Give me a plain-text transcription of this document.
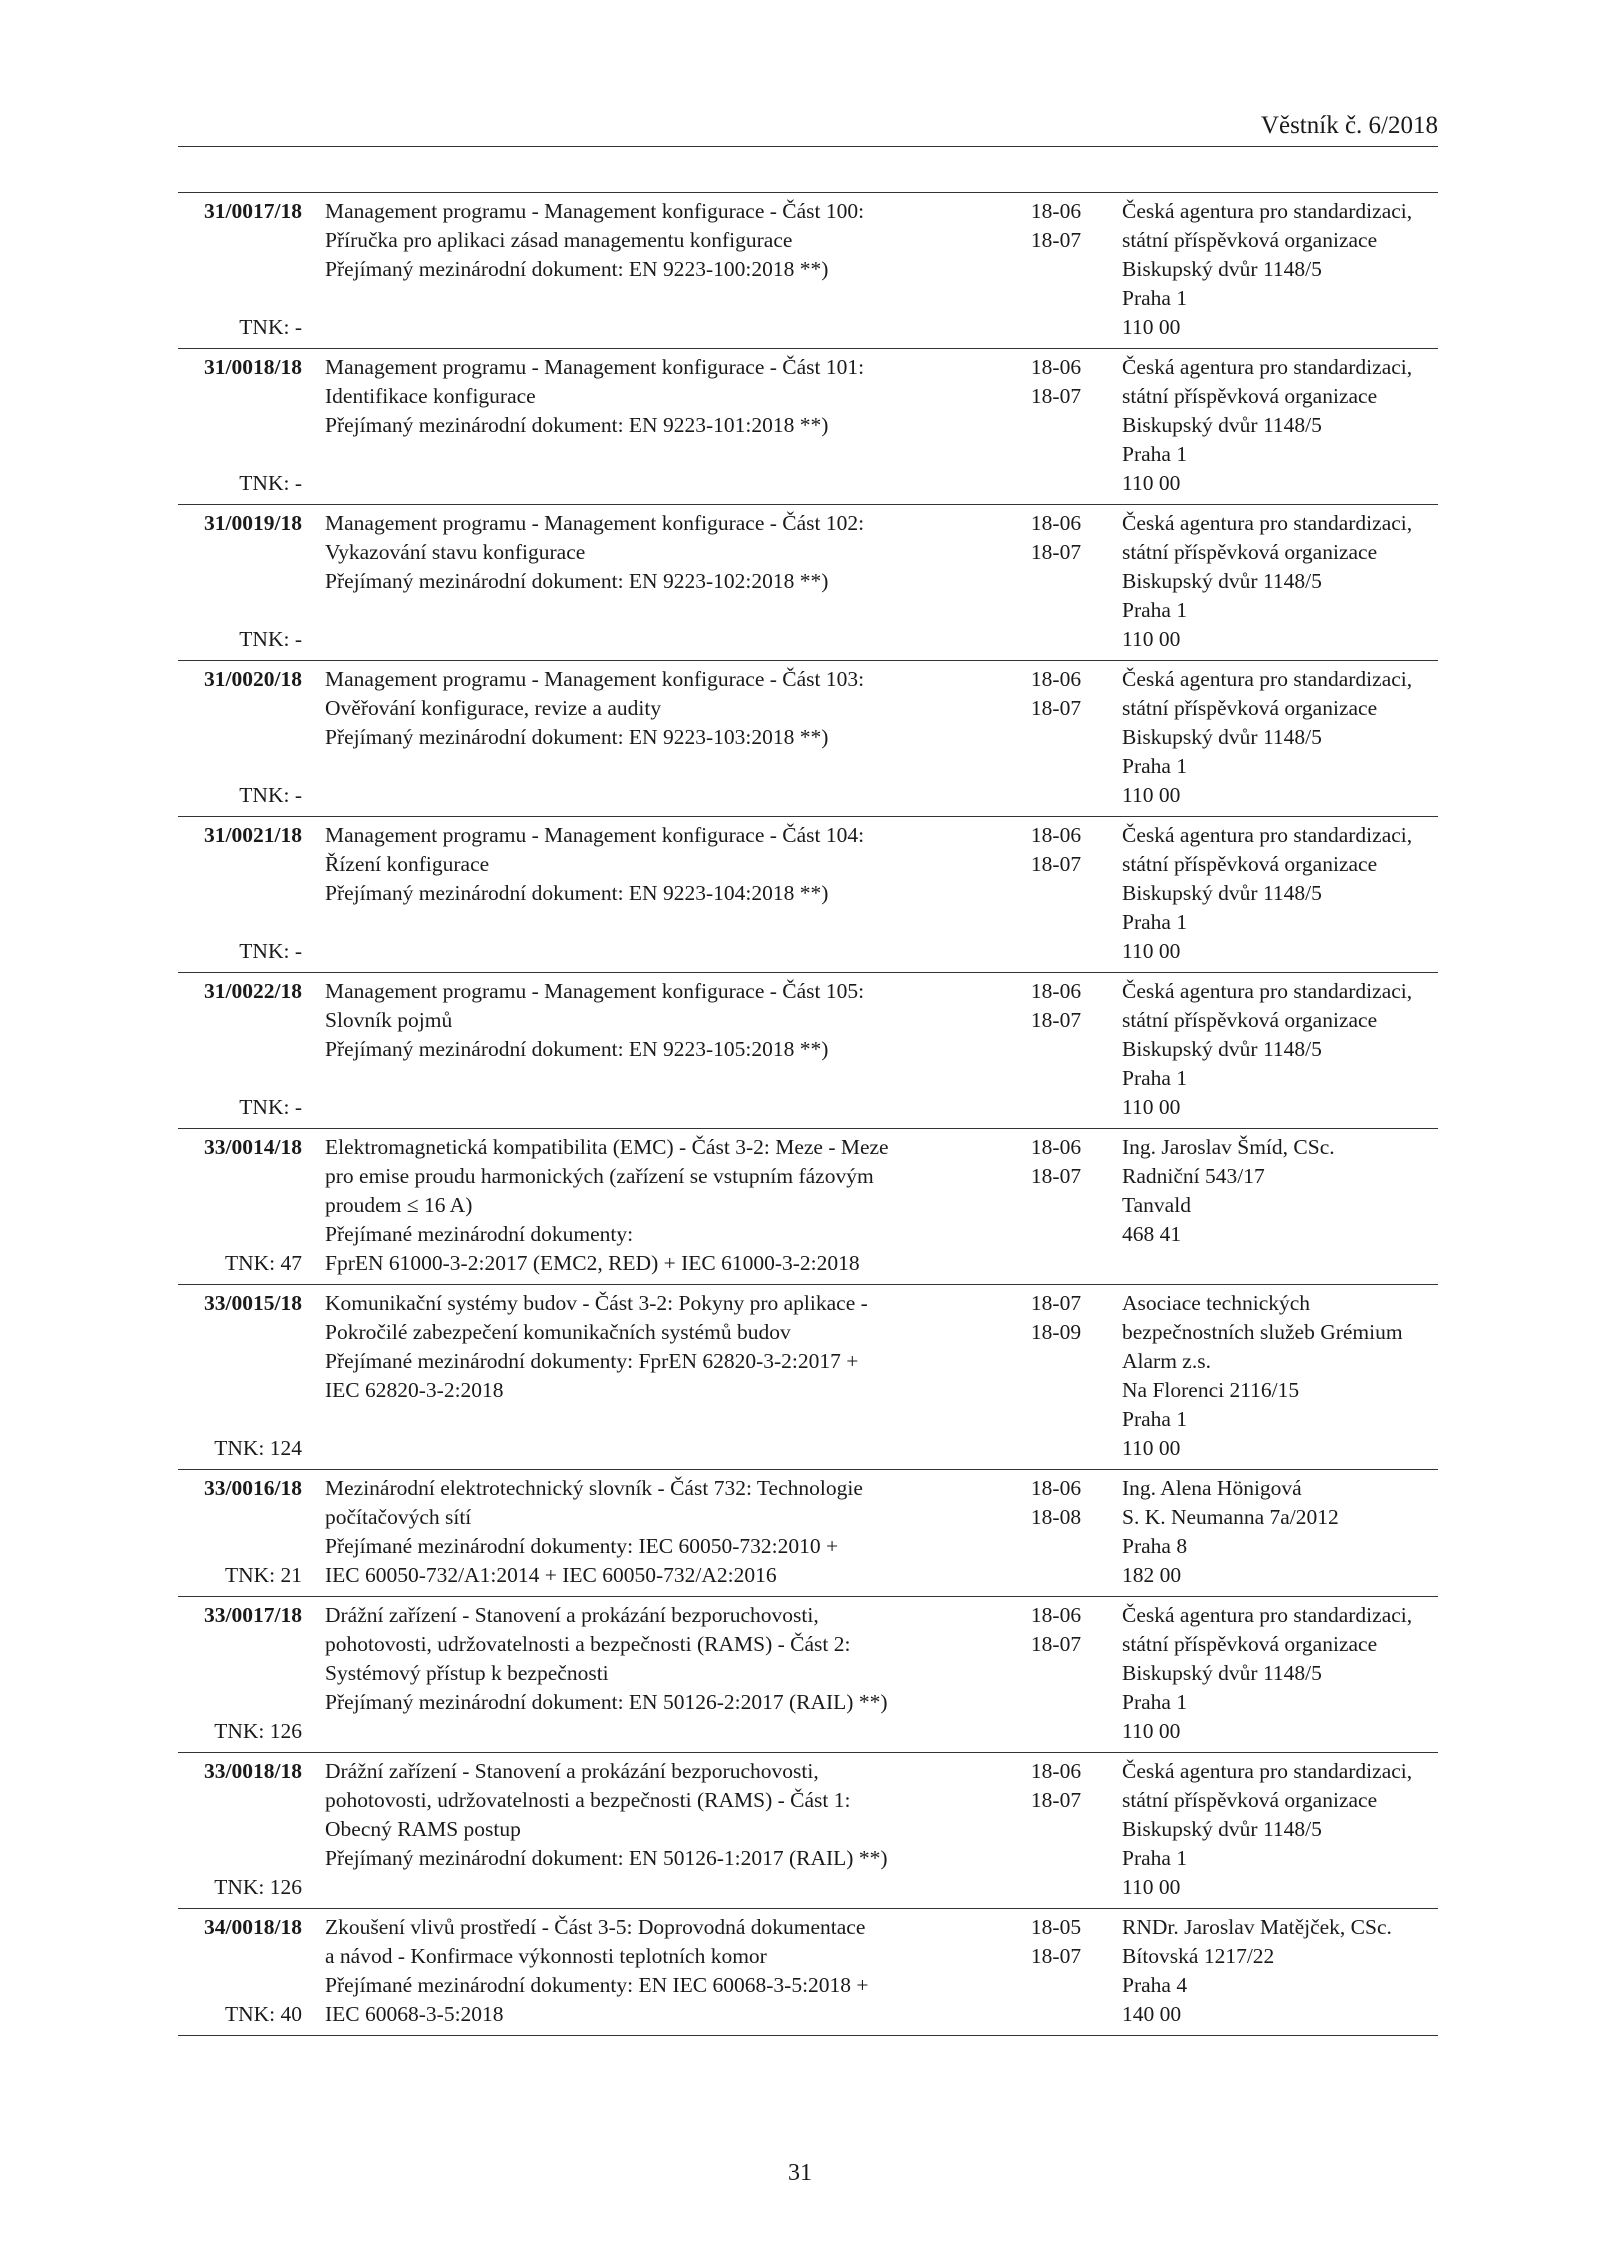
Věstník č. 6/2018
31/0017/18
TNK: -
Management programu - Management konfigurace - Část 100:
Příručka pro aplikaci zásad managementu konfigurace
Přejímaný mezinárodní dokument: EN 9223-100:2018 **)
18-06
18-07
Česká agentura pro standardizaci,
státní příspěvková organizace
Biskupský dvůr 1148/5
Praha 1
110 00
31/0018/18
TNK: -
Management programu - Management konfigurace - Část 101:
Identifikace konfigurace
Přejímaný mezinárodní dokument: EN 9223-101:2018 **)
18-06
18-07
Česká agentura pro standardizaci,
státní příspěvková organizace
Biskupský dvůr 1148/5
Praha 1
110 00
31/0019/18
TNK: -
Management programu - Management konfigurace - Část 102:
Vykazování stavu konfigurace
Přejímaný mezinárodní dokument: EN 9223-102:2018 **)
18-06
18-07
Česká agentura pro standardizaci,
státní příspěvková organizace
Biskupský dvůr 1148/5
Praha 1
110 00
31/0020/18
TNK: -
Management programu - Management konfigurace - Část 103:
Ověřování konfigurace, revize a audity
Přejímaný mezinárodní dokument: EN 9223-103:2018 **)
18-06
18-07
Česká agentura pro standardizaci,
státní příspěvková organizace
Biskupský dvůr 1148/5
Praha 1
110 00
31/0021/18
TNK: -
Management programu - Management konfigurace - Část 104:
Řízení konfigurace
Přejímaný mezinárodní dokument: EN 9223-104:2018 **)
18-06
18-07
Česká agentura pro standardizaci,
státní příspěvková organizace
Biskupský dvůr 1148/5
Praha 1
110 00
31/0022/18
TNK: -
Management programu - Management konfigurace - Část 105:
Slovník pojmů
Přejímaný mezinárodní dokument: EN 9223-105:2018 **)
18-06
18-07
Česká agentura pro standardizaci,
státní příspěvková organizace
Biskupský dvůr 1148/5
Praha 1
110 00
33/0014/18
TNK: 47
Elektromagnetická kompatibilita (EMC) - Část 3-2: Meze - Meze
pro emise proudu harmonických (zařízení se vstupním fázovým
proudem ≤ 16 A)
Přejímané mezinárodní dokumenty:
FprEN 61000-3-2:2017 (EMC2, RED) + IEC 61000-3-2:2018
18-06
18-07
Ing. Jaroslav Šmíd, CSc.
Radniční 543/17
Tanvald
468 41
33/0015/18
TNK: 124
Komunikační systémy budov - Část 3-2: Pokyny pro aplikace -
Pokročilé zabezpečení komunikačních systémů budov
Přejímané mezinárodní dokumenty: FprEN 62820-3-2:2017 +
IEC 62820-3-2:2018
18-07
18-09
Asociace technických
bezpečnostních služeb Grémium
Alarm z.s.
Na Florenci 2116/15
Praha 1
110 00
33/0016/18
TNK: 21
Mezinárodní elektrotechnický slovník - Část 732: Technologie
počítačových sítí
Přejímané mezinárodní dokumenty: IEC 60050-732:2010 +
IEC 60050-732/A1:2014 + IEC 60050-732/A2:2016
18-06
18-08
Ing. Alena Hönigová
S. K. Neumanna 7a/2012
Praha 8
182 00
33/0017/18
TNK: 126
Drážní zařízení - Stanovení a prokázání bezporuchovosti,
pohotovosti, udržovatelnosti a bezpečnosti (RAMS) - Část 2:
Systémový přístup k bezpečnosti
Přejímaný mezinárodní dokument: EN 50126-2:2017 (RAIL) **)
18-06
18-07
Česká agentura pro standardizaci,
státní příspěvková organizace
Biskupský dvůr 1148/5
Praha 1
110 00
33/0018/18
TNK: 126
Drážní zařízení - Stanovení a prokázání bezporuchovosti,
pohotovosti, udržovatelnosti a bezpečnosti (RAMS) - Část 1:
Obecný RAMS postup
Přejímaný mezinárodní dokument: EN 50126-1:2017 (RAIL) **)
18-06
18-07
Česká agentura pro standardizaci,
státní příspěvková organizace
Biskupský dvůr 1148/5
Praha 1
110 00
34/0018/18
TNK: 40
Zkoušení vlivů prostředí - Část 3-5: Doprovodná dokumentace
a návod - Konfirmace výkonnosti teplotních komor
Přejímané mezinárodní dokumenty: EN IEC 60068-3-5:2018 +
IEC 60068-3-5:2018
18-05
18-07
RNDr. Jaroslav Matějček, CSc.
Bítovská 1217/22
Praha 4
140 00
31
